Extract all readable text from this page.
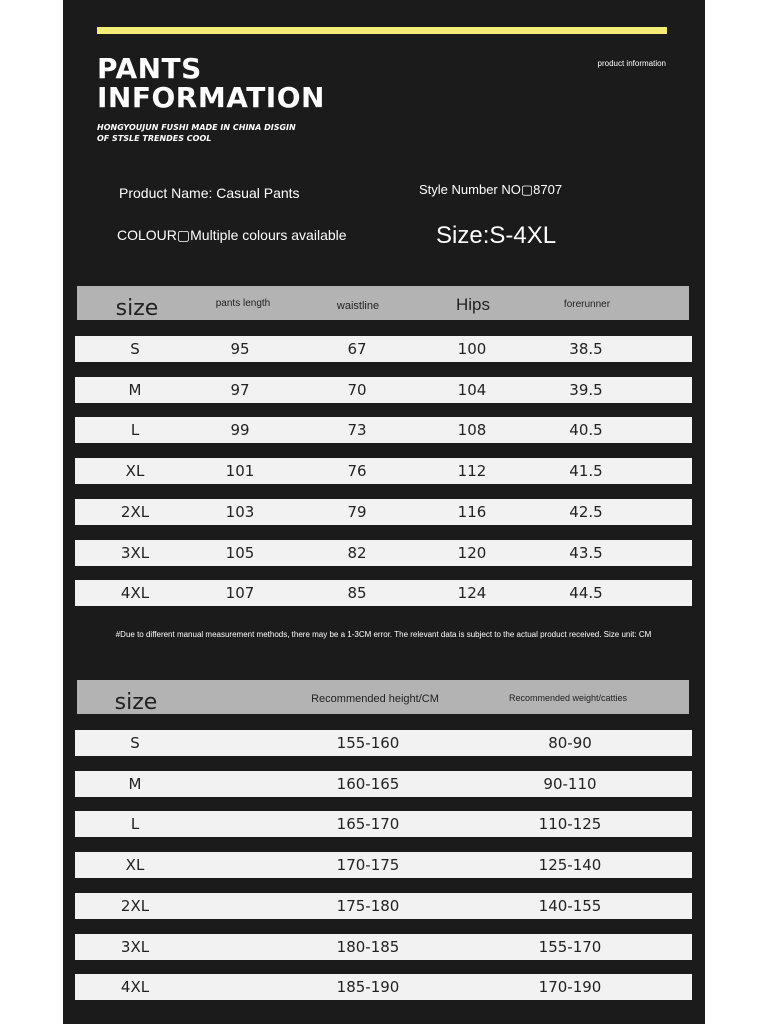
PANTS
INFORMATION
HONGYOUJUN FUSHI MADE IN CHINA DISGIN
OF STSLE TRENDES COOL
product information
Product Name: Casual Pants	Style Number NO▢8707
COLOUR▢Multiple colours available	Size:S-4XL
size	pants length	waistline	Hips	forerunner
S	95	67	100	38.5
M	97	70	104	39.5
L	99	73	108	40.5
XL	101	76	112	41.5
2XL	103	79	116	42.5
3XL	105	82	120	43.5
4XL	107	85	124	44.5
#Due to different manual measurement methods, there may be a 1-3CM error. The relevant data is subject to the actual product received. Size unit: CM
size	Recommended height/CM	Recommended weight/catties
S	155-160	80-90
M	160-165	90-110
L	165-170	110-125
XL	170-175	125-140
2XL	175-180	140-155
3XL	180-185	155-170
4XL	185-190	170-190
